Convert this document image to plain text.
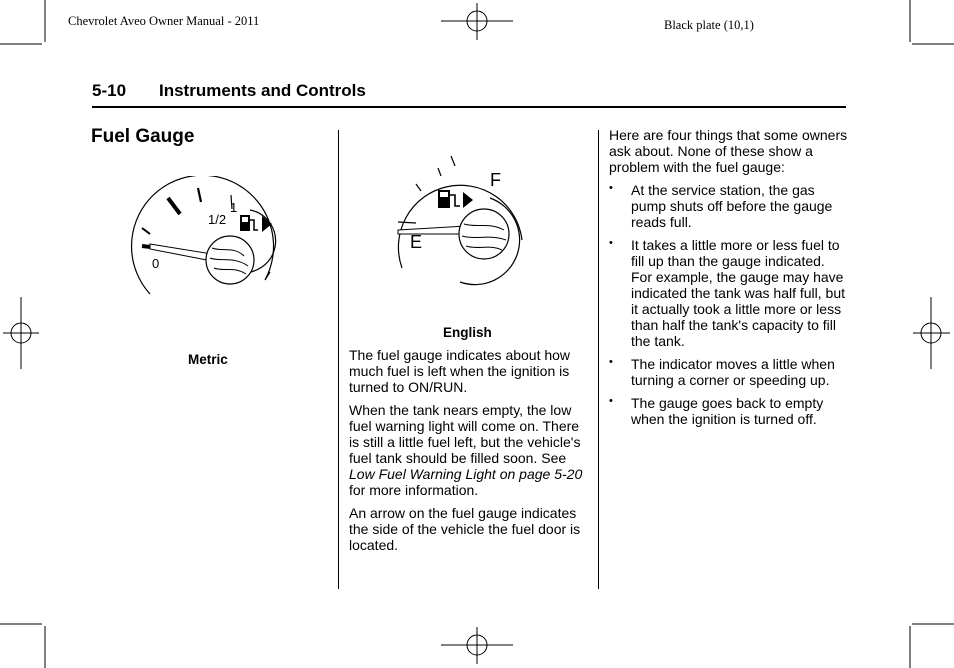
Chevrolet Aveo Owner Manual - 2011	Black plate (10,1)
5-10 Instruments and Controls
Fuel Gauge
0
1/2
1
Metric
F
E
English

The fuel gauge indicates about how much fuel is left when the ignition is turned to ON/RUN.

When the tank nears empty, the low fuel warning light will come on. There is still a little fuel left, but the vehicle's fuel tank should be filled soon. See Low Fuel Warning Light on page 5-20 for more information.

An arrow on the fuel gauge indicates the side of the vehicle the fuel door is located.

Here are four things that some owners ask about. None of these show a problem with the fuel gauge:

• At the service station, the gas pump shuts off before the gauge reads full.
• It takes a little more or less fuel to fill up than the gauge indicated. For example, the gauge may have indicated the tank was half full, but it actually took a little more or less than half the tank's capacity to fill the tank.
• The indicator moves a little when turning a corner or speeding up.
• The gauge goes back to empty when the ignition is turned off.
